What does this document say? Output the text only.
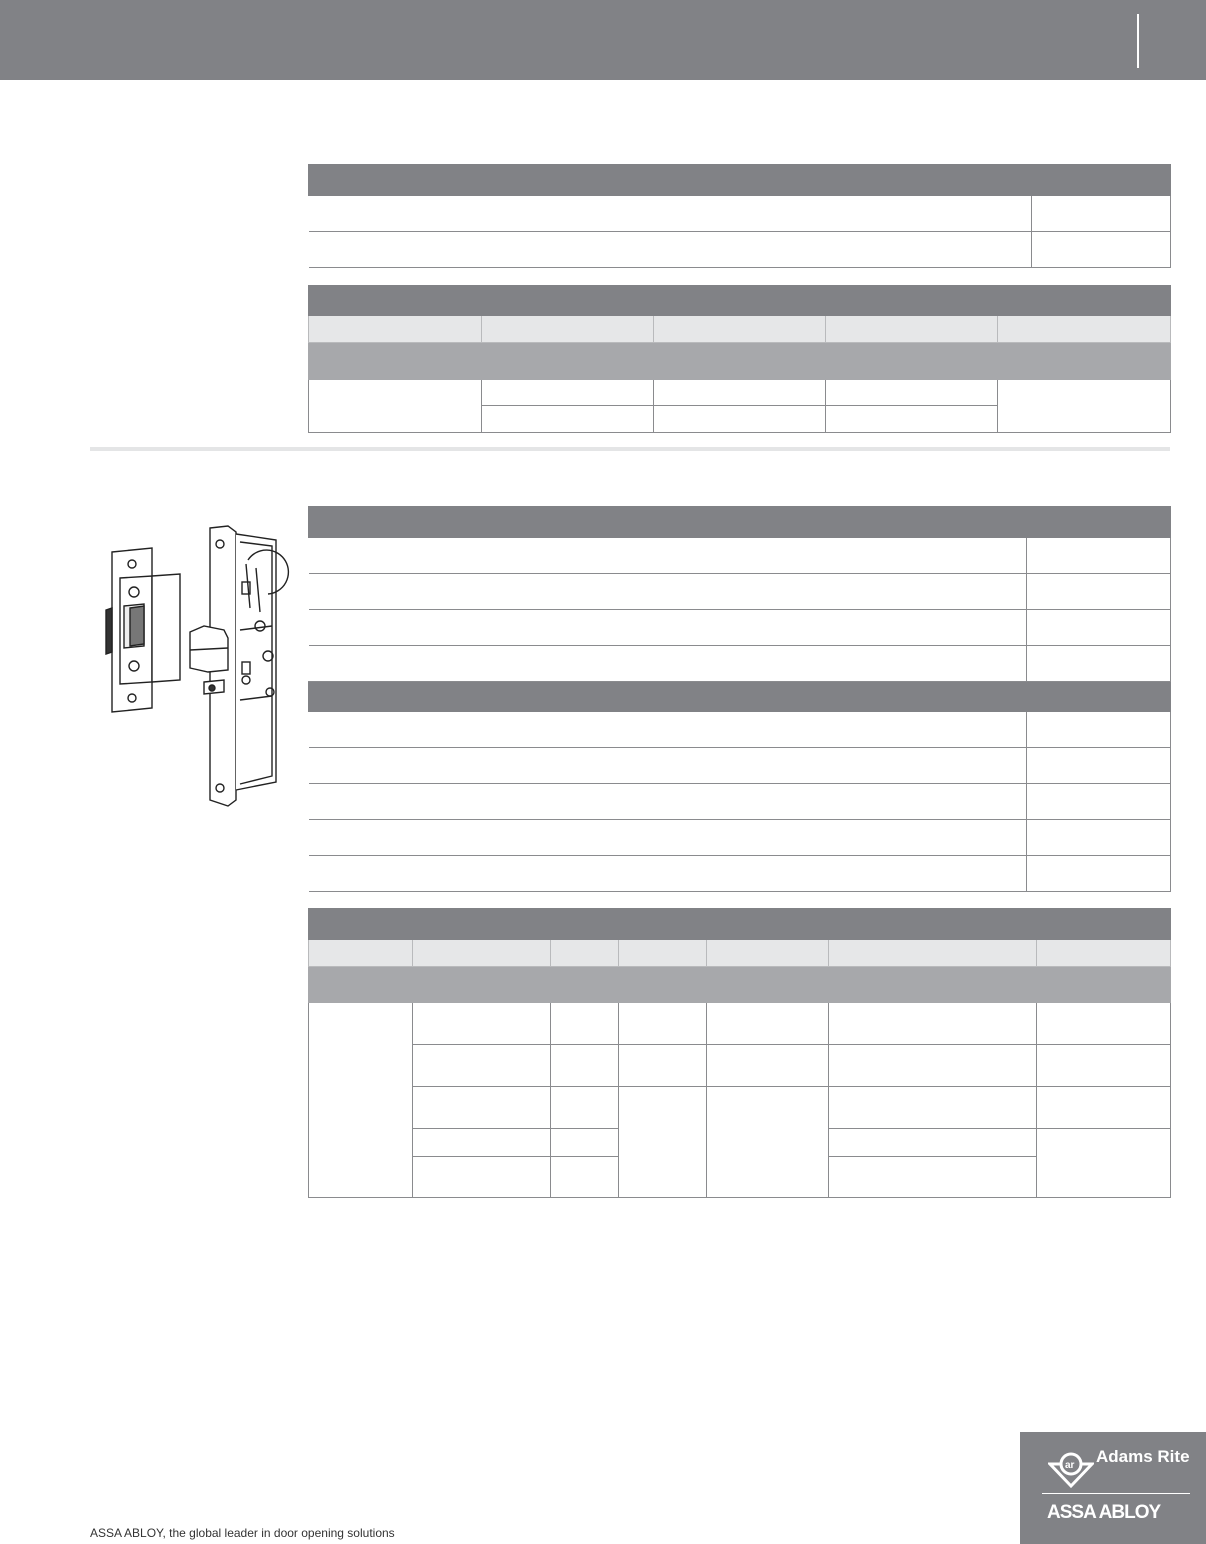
ar Adams Rite
ASSA ABLOY
ASSA ABLOY, the global leader in door opening solutions
